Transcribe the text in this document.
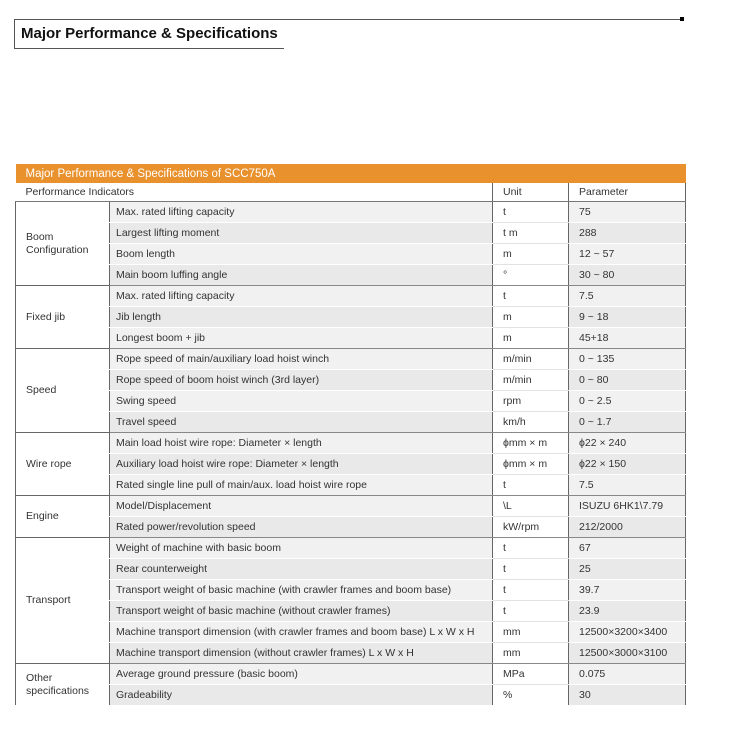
Major Performance & Specifications
Major Performance & Specifications of SCC750A			
Performance Indicators		Unit	Parameter
Boom Configuration	Max. rated lifting capacity	t	75
	Largest lifting moment	t m	288
	Boom length	m	12 ~ 57
	Main boom luffing angle	°	30 ~ 80
Fixed jib	Max. rated lifting capacity	t	7.5
	Jib length	m	9 ~ 18
	Longest boom + jib	m	45+18
Speed	Rope speed of main/auxiliary load hoist winch	m/min	0 ~ 135
	Rope speed of boom hoist winch (3rd layer)	m/min	0 ~ 80
	Swing speed	rpm	0 ~ 2.5
	Travel speed	km/h	0 ~ 1.7
Wire rope	Main load hoist wire rope: Diameter × length	ϕmm × m	ϕ22 × 240
	Auxiliary load hoist wire rope: Diameter × length	ϕmm × m	ϕ22 × 150
	Rated single line pull of main/aux. load hoist wire rope	t	7.5
Engine	Model/Displacement	\L	ISUZU 6HK1\7.79
	Rated power/revolution speed	kW/rpm	212/2000
Transport	Weight of machine with basic boom	t	67
	Rear counterweight	t	25
	Transport weight of basic machine (with crawler frames and boom base)	t	39.7
	Transport weight of basic machine (without crawler frames)	t	23.9
	Machine transport dimension (with crawler frames and boom base) L x W x H	mm	12500×3200×3400
	Machine transport dimension (without crawler frames) L x W x H	mm	12500×3000×3100
Other specifications	Average ground pressure (basic boom)	MPa	0.075
	Gradeability	%	30
